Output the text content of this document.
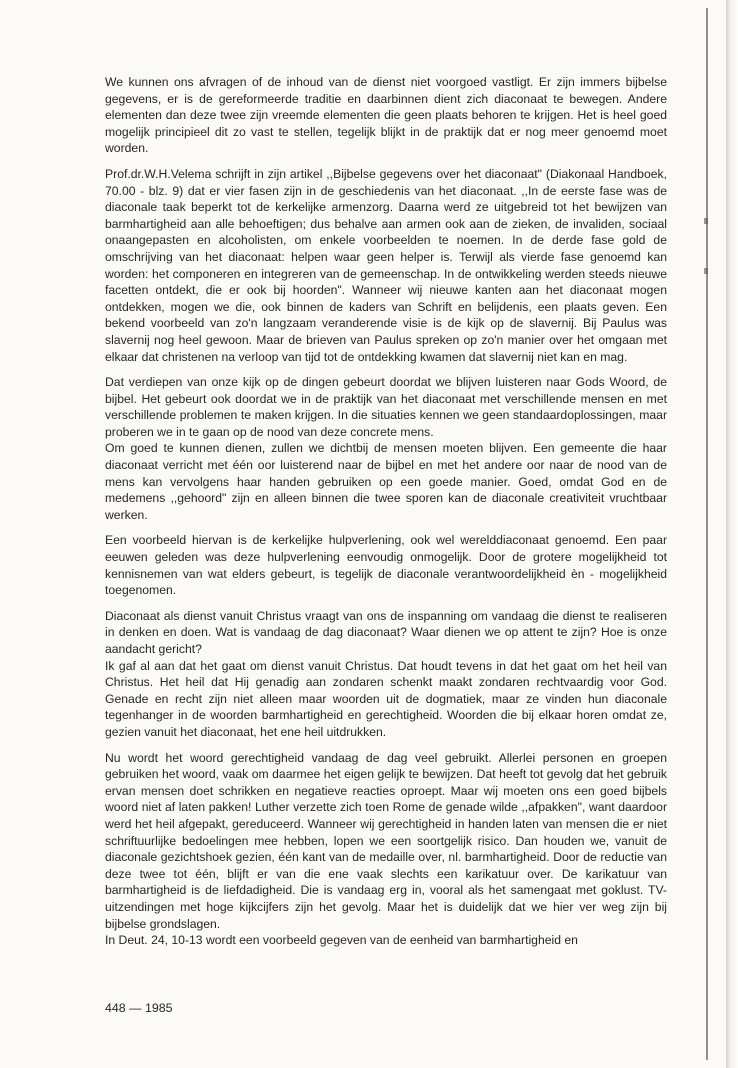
We kunnen ons afvragen of de inhoud van de dienst niet voorgoed vastligt. Er zijn immers bijbelse gegevens, er is de gereformeerde traditie en daarbinnen dient zich diaconaat te bewegen. Andere elementen dan deze twee zijn vreemde elementen die geen plaats behoren te krijgen. Het is heel goed mogelijk principieel dit zo vast te stellen, tegelijk blijkt in de praktijk dat er nog meer genoemd moet worden.

Prof.dr.W.H.Velema schrijft in zijn artikel ,,Bijbelse gegevens over het diaconaat" (Diakonaal Handboek, 70.00 - blz. 9) dat er vier fasen zijn in de geschiedenis van het diaconaat. ,,In de eerste fase was de diaconale taak beperkt tot de kerkelijke armenzorg. Daarna werd ze uitgebreid tot het bewijzen van barmhartigheid aan alle behoeftigen; dus behalve aan armen ook aan de zieken, de invaliden, sociaal onaangepasten en alcoholisten, om enkele voorbeelden te noemen. In de derde fase gold de omschrijving van het diaconaat: helpen waar geen helper is. Terwijl als vierde fase genoemd kan worden: het componeren en integreren van de gemeenschap. In de ontwikkeling werden steeds nieuwe facetten ontdekt, die er ook bij hoorden". Wanneer wij nieuwe kanten aan het diaconaat mogen ontdekken, mogen we die, ook binnen de kaders van Schrift en belijdenis, een plaats geven. Een bekend voorbeeld van zo'n langzaam veranderende visie is de kijk op de slavernij. Bij Paulus was slavernij nog heel gewoon. Maar de brieven van Paulus spreken op zo'n manier over het omgaan met elkaar dat christenen na verloop van tijd tot de ontdekking kwamen dat slavernij niet kan en mag.

Dat verdiepen van onze kijk op de dingen gebeurt doordat we blijven luisteren naar Gods Woord, de bijbel. Het gebeurt ook doordat we in de praktijk van het diaconaat met verschillende mensen en met verschillende problemen te maken krijgen. In die situaties kennen we geen standaardoplossingen, maar proberen we in te gaan op de nood van deze concrete mens.

Om goed te kunnen dienen, zullen we dichtbij de mensen moeten blijven. Een gemeente die haar diaconaat verricht met één oor luisterend naar de bijbel en met het andere oor naar de nood van de mens kan vervolgens haar handen gebruiken op een goede manier. Goed, omdat God en de medemens ,,gehoord" zijn en alleen binnen die twee sporen kan de diaconale creativiteit vruchtbaar werken.

Een voorbeeld hiervan is de kerkelijke hulpverlening, ook wel werelddiaconaat genoemd. Een paar eeuwen geleden was deze hulpverlening eenvoudig onmogelijk. Door de grotere mogelijkheid tot kennisnemen van wat elders gebeurt, is tegelijk de diaconale verantwoordelijkheid èn - mogelijkheid toegenomen.

Diaconaat als dienst vanuit Christus vraagt van ons de inspanning om vandaag die dienst te realiseren in denken en doen. Wat is vandaag de dag diaconaat? Waar dienen we op attent te zijn? Hoe is onze aandacht gericht?

Ik gaf al aan dat het gaat om dienst vanuit Christus. Dat houdt tevens in dat het gaat om het heil van Christus. Het heil dat Hij genadig aan zondaren schenkt maakt zondaren rechtvaardig voor God. Genade en recht zijn niet alleen maar woorden uit de dogmatiek, maar ze vinden hun diaconale tegenhanger in de woorden barmhartigheid en gerechtigheid. Woorden die bij elkaar horen omdat ze, gezien vanuit het diaconaat, het ene heil uitdrukken.

Nu wordt het woord gerechtigheid vandaag de dag veel gebruikt. Allerlei personen en groepen gebruiken het woord, vaak om daarmee het eigen gelijk te bewijzen. Dat heeft tot gevolg dat het gebruik ervan mensen doet schrikken en negatieve reacties oproept. Maar wij moeten ons een goed bijbels woord niet af laten pakken! Luther verzette zich toen Rome de genade wilde ,,afpakken", want daardoor werd het heil afgepakt, gereduceerd. Wanneer wij gerechtigheid in handen laten van mensen die er niet schriftuurlijke bedoelingen mee hebben, lopen we een soortgelijk risico. Dan houden we, vanuit de diaconale gezichtshoek gezien, één kant van de medaille over, nl. barmhartigheid. Door de reductie van deze twee tot één, blijft er van die ene vaak slechts een karikatuur over. De karikatuur van barmhartigheid is de liefdadigheid. Die is vandaag erg in, vooral als het samengaat met goklust. TV-uitzendingen met hoge kijkcijfers zijn het gevolg. Maar het is duidelijk dat we hier ver weg zijn bij bijbelse grondslagen.

In Deut. 24, 10-13 wordt een voorbeeld gegeven van de eenheid van barmhartigheid en

448 — 1985
